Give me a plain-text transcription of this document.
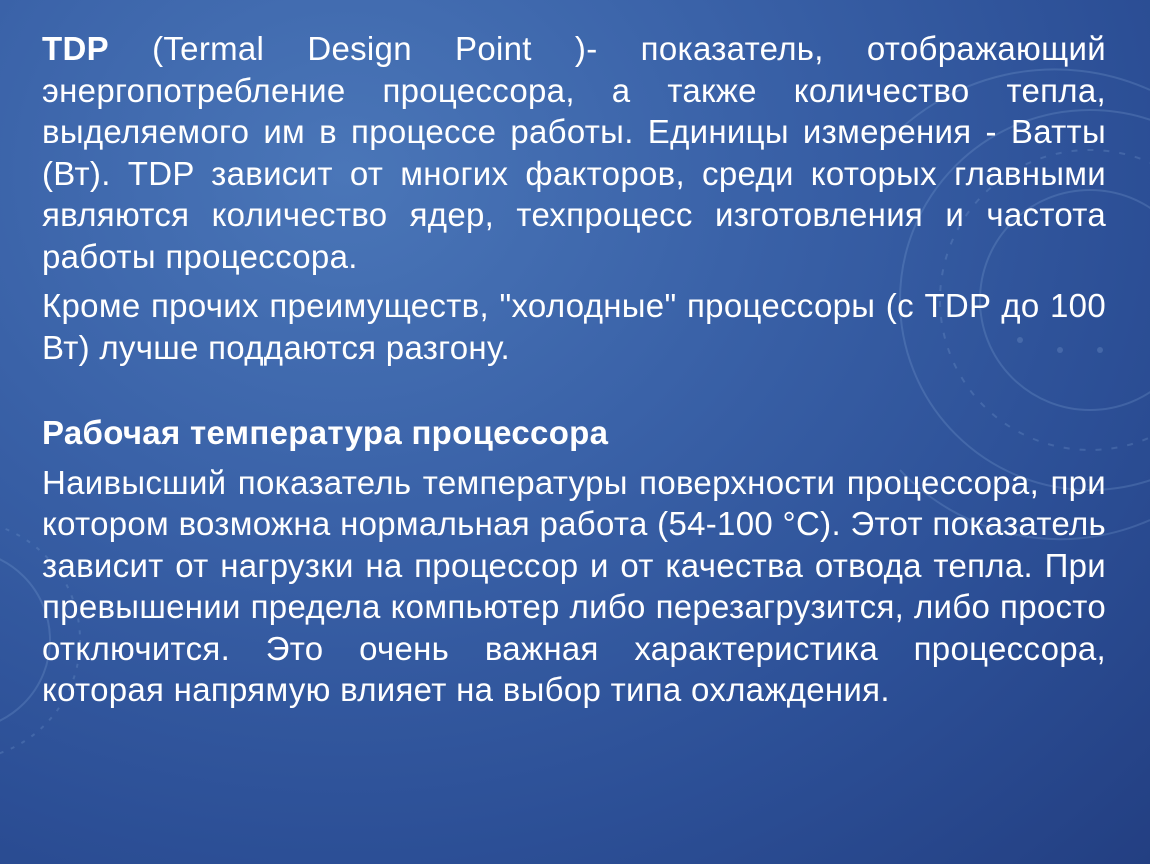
TDP (Termal Design Point )- показатель, отображающий энергопотребление процессора, а также количество тепла, выделяемого им в процессе работы. Единицы измерения - Ватты (Вт). TDP зависит от многих факторов, среди которых главными являются количество ядер, техпроцесс изготовления и частота работы процессора.

Кроме прочих преимуществ, "холодные" процессоры (с TDP до 100 Вт) лучше поддаются разгону.

Рабочая температура процессора

Наивысший показатель температуры поверхности процессора, при котором возможна нормальная работа (54-100 °С). Этот показатель зависит от нагрузки на процессор и от качества отвода тепла. При превышении предела компьютер либо перезагрузится, либо просто отключится. Это очень важная характеристика процессора, которая напрямую влияет на выбор типа охлаждения.
